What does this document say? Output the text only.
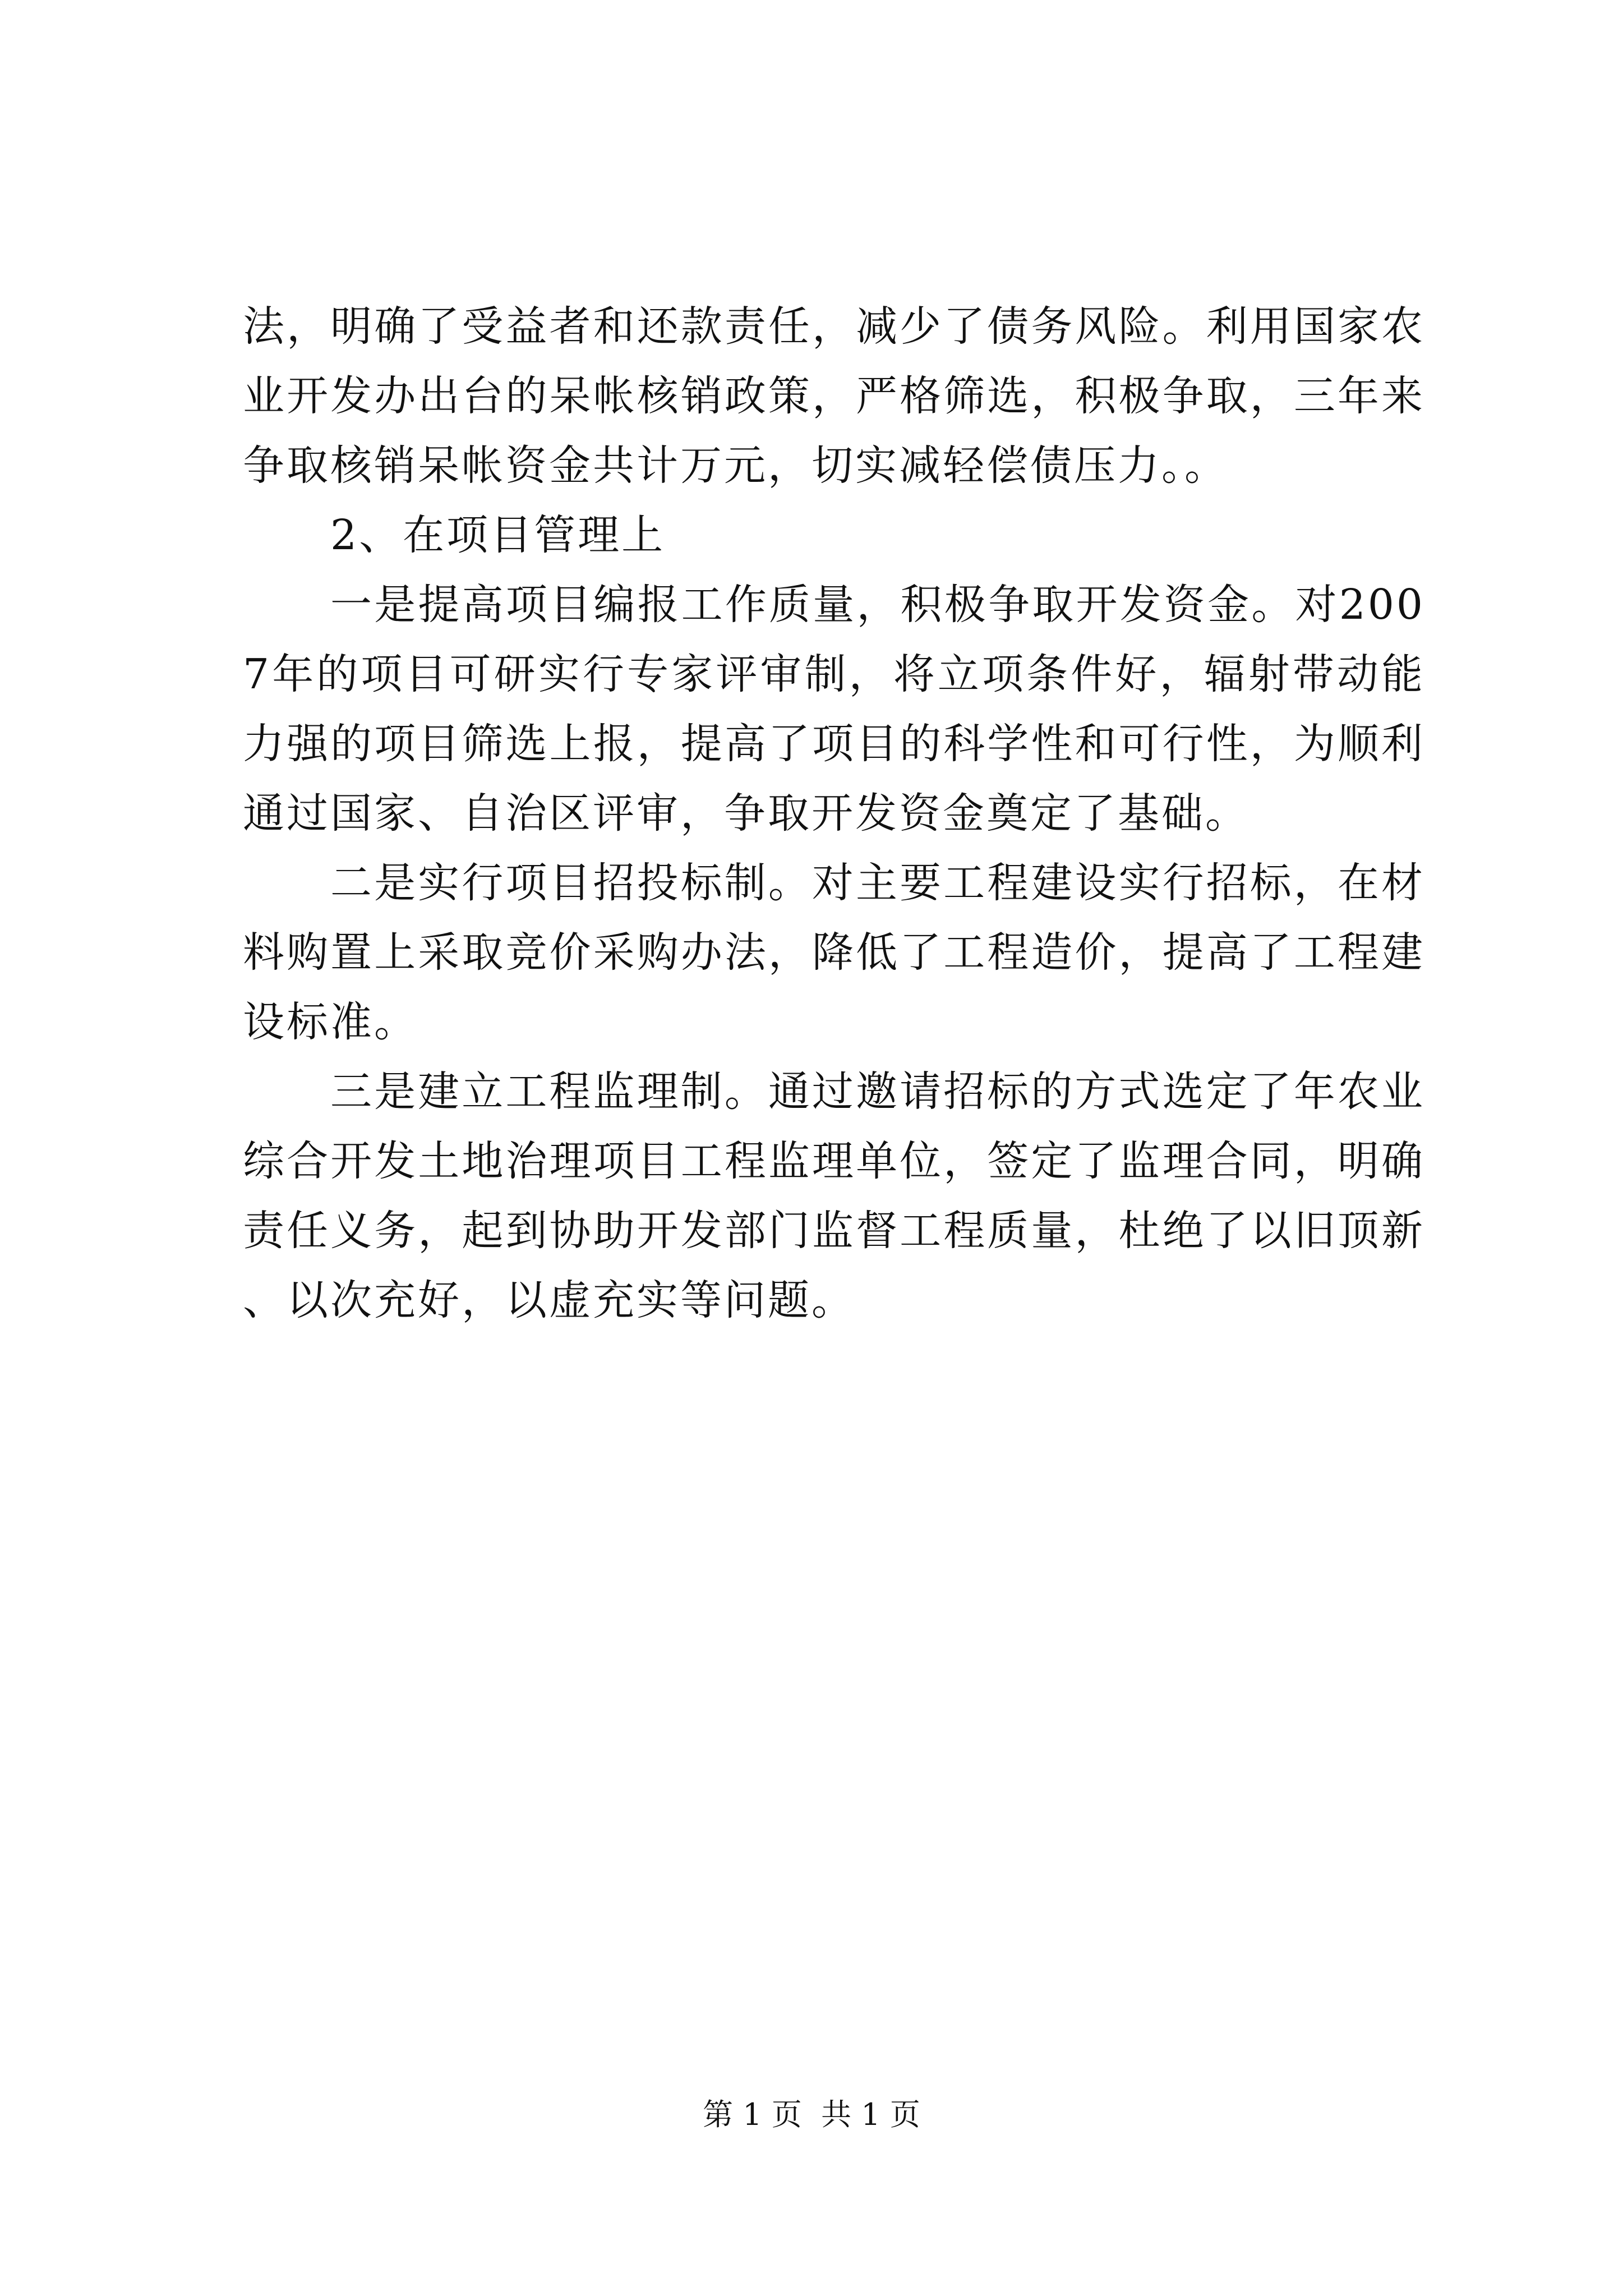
法，明确了受益者和还款责任，减少了债务风险。利用国家农业开发办出台的呆帐核销政策，严格筛选，积极争取，三年来争取核销呆帐资金共计万元，切实减轻偿债压力。。

2、在项目管理上

一是提高项目编报工作质量，积极争取开发资金。对2007年的项目可研实行专家评审制，将立项条件好，辐射带动能力强的项目筛选上报，提高了项目的科学性和可行性，为顺利通过国家、自治区评审，争取开发资金奠定了基础。

二是实行项目招投标制。对主要工程建设实行招标，在材料购置上采取竞价采购办法，降低了工程造价，提高了工程建设标准。

三是建立工程监理制。通过邀请招标的方式选定了年农业综合开发土地治理项目工程监理单位，签定了监理合同，明确责任义务，起到协助开发部门监督工程质量，杜绝了以旧顶新、以次充好，以虚充实等问题。

第 1 页  共 1 页
